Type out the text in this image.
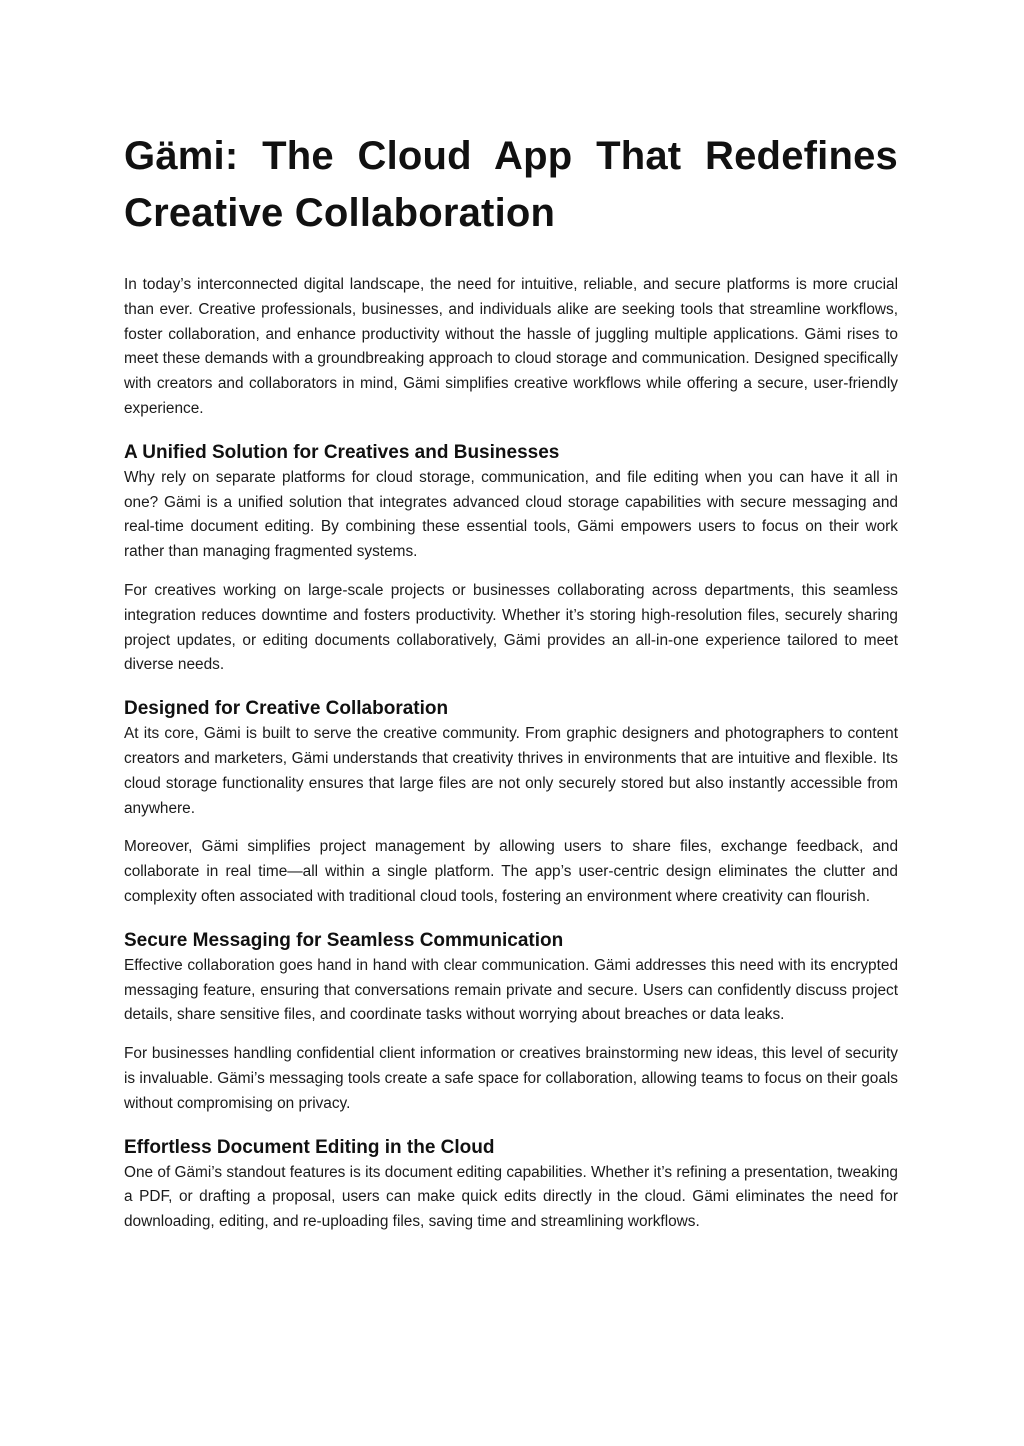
Gämi: The Cloud App That Redefines Creative Collaboration

In today’s interconnected digital landscape, the need for intuitive, reliable, and secure platforms is more crucial than ever. Creative professionals, businesses, and individuals alike are seeking tools that streamline workflows, foster collaboration, and enhance productivity without the hassle of juggling multiple applications. Gämi rises to meet these demands with a groundbreaking approach to cloud storage and communication. Designed specifically with creators and collaborators in mind, Gämi simplifies creative workflows while offering a secure, user-friendly experience.

A Unified Solution for Creatives and Businesses

Why rely on separate platforms for cloud storage, communication, and file editing when you can have it all in one? Gämi is a unified solution that integrates advanced cloud storage capabilities with secure messaging and real-time document editing. By combining these essential tools, Gämi empowers users to focus on their work rather than managing fragmented systems.

For creatives working on large-scale projects or businesses collaborating across departments, this seamless integration reduces downtime and fosters productivity. Whether it’s storing high-resolution files, securely sharing project updates, or editing documents collaboratively, Gämi provides an all-in-one experience tailored to meet diverse needs.

Designed for Creative Collaboration

At its core, Gämi is built to serve the creative community. From graphic designers and photographers to content creators and marketers, Gämi understands that creativity thrives in environments that are intuitive and flexible. Its cloud storage functionality ensures that large files are not only securely stored but also instantly accessible from anywhere.

Moreover, Gämi simplifies project management by allowing users to share files, exchange feedback, and collaborate in real time—all within a single platform. The app’s user-centric design eliminates the clutter and complexity often associated with traditional cloud tools, fostering an environment where creativity can flourish.

Secure Messaging for Seamless Communication

Effective collaboration goes hand in hand with clear communication. Gämi addresses this need with its encrypted messaging feature, ensuring that conversations remain private and secure. Users can confidently discuss project details, share sensitive files, and coordinate tasks without worrying about breaches or data leaks.

For businesses handling confidential client information or creatives brainstorming new ideas, this level of security is invaluable. Gämi’s messaging tools create a safe space for collaboration, allowing teams to focus on their goals without compromising on privacy.

Effortless Document Editing in the Cloud

One of Gämi’s standout features is its document editing capabilities. Whether it’s refining a presentation, tweaking a PDF, or drafting a proposal, users can make quick edits directly in the cloud. Gämi eliminates the need for downloading, editing, and re-uploading files, saving time and streamlining workflows.
